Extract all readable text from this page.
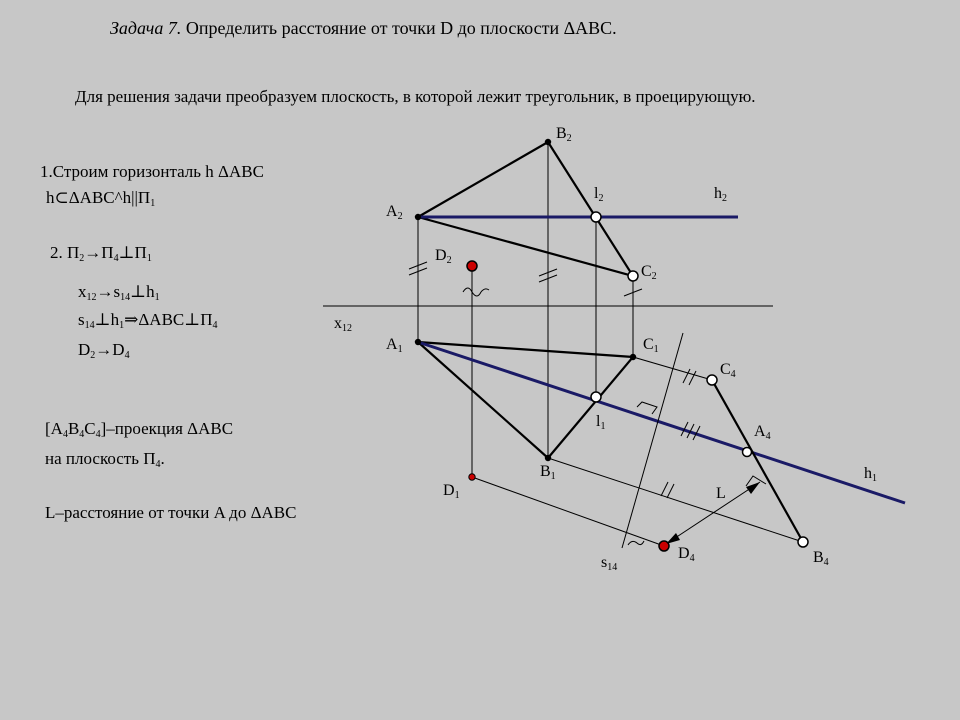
Задача 7. Определить расстояние от точки D до плоскости ΔABC.
Для решения задачи преобразуем плоскость, в которой лежит треугольник, в проецирующую.
1.Строим горизонталь h ΔABC
$h\subset\Delta ABC\^{}h||\Pi_1$
2. $\Pi_2\to\Pi_4\perp\Pi_1$
$x_{12}\to s_{14}\perp h_1$
$s_{14}\perp h_1\Rightarrow\Delta ABC\perp\Pi_4$
$D_2\to D_4$
$[A_4B_4C_4]$–проекция ΔABC
на плоскость $\Pi_4$.
L–расстояние от точки A до ΔABC
$B_2$
$l_2$	$h_2$
$A_2$
$D_2$
$C_2$
$x_{12}$
$A_1$	$C_1$
$C_4$
$l_1$	$A_4$
$h_1$
$B_1$
$D_1$	L
$s_{14}$
$D_4$	$B_4$
